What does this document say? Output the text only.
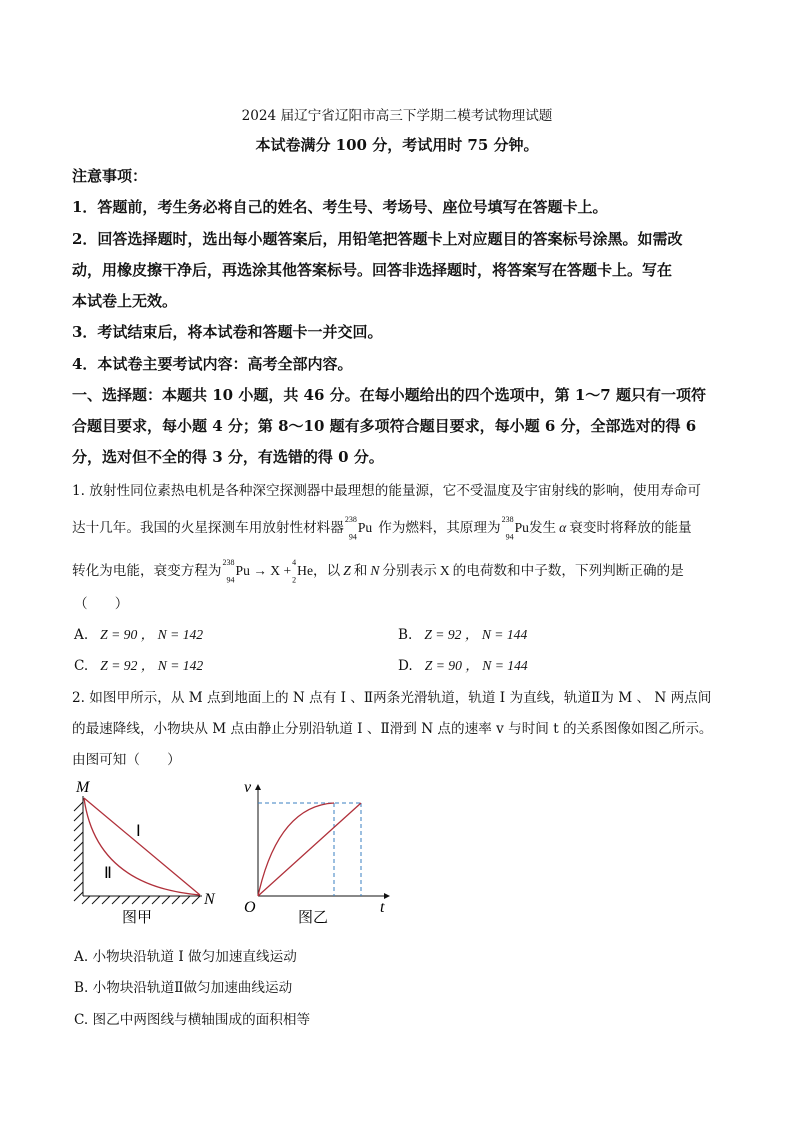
2024 届辽宁省辽阳市高三下学期二模考试物理试题
本试卷满分 100 分，考试用时 75 分钟。
注意事项：
1．答题前，考生务必将自己的姓名、考生号、考场号、座位号填写在答题卡上。
2．回答选择题时，选出每小题答案后，用铅笔把答题卡上对应题目的答案标号涂黑。如需改
动，用橡皮擦干净后，再选涂其他答案标号。回答非选择题时，将答案写在答题卡上。写在
本试卷上无效。
3．考试结束后，将本试卷和答题卡一并交回。
4．本试卷主要考试内容：高考全部内容。
一、选择题：本题共 10 小题，共 46 分。在每小题给出的四个选项中，第 1～7 题只有一项符
合题目要求，每小题 4 分；第 8～10 题有多项符合题目要求，每小题 6 分，全部选对的得 6
分，选对但不全的得 3 分，有选错的得 0 分。
1. 放射性同位素热电机是各种深空探测器中最理想的能量源，它不受温度及宇宙射线的影响，使用寿命可
达十几年。我国的火星探测车用放射性材料器$^{238}$
$_{94}$Pu 作为燃料，其原理为$^{238}$
$_{94}$Pu发生 α 衰变时将释放的能量
转化为电能，衰变方程为$^{238}$
$_{94}$Pu → X +$^4$
$_2$He，以 Z 和 N 分别表示 X 的电荷数和中子数，下列判断正确的是
（　　）
A. Z = 90 ， N = 142	B. Z = 92 ， N = 144
C. Z = 92 ， N = 142	D. Z = 90 ， N = 144
2. 如图甲所示，从 M 点到地面上的 N 点有 Ⅰ 、Ⅱ两条光滑轨道，轨道 Ⅰ 为直线，轨道Ⅱ为 M 、 N 两点间
的最速降线，小物块从 M 点由静止分别沿轨道 Ⅰ 、Ⅱ滑到 N 点的速率 v 与时间 t 的关系图像如图乙所示。
由图可知（　　）
M
N
Ⅰ
Ⅱ
图甲
v
O	t
图乙
A. 小物块沿轨道 Ⅰ 做匀加速直线运动
B. 小物块沿轨道Ⅱ做匀加速曲线运动
C. 图乙中两图线与横轴围成的面积相等
